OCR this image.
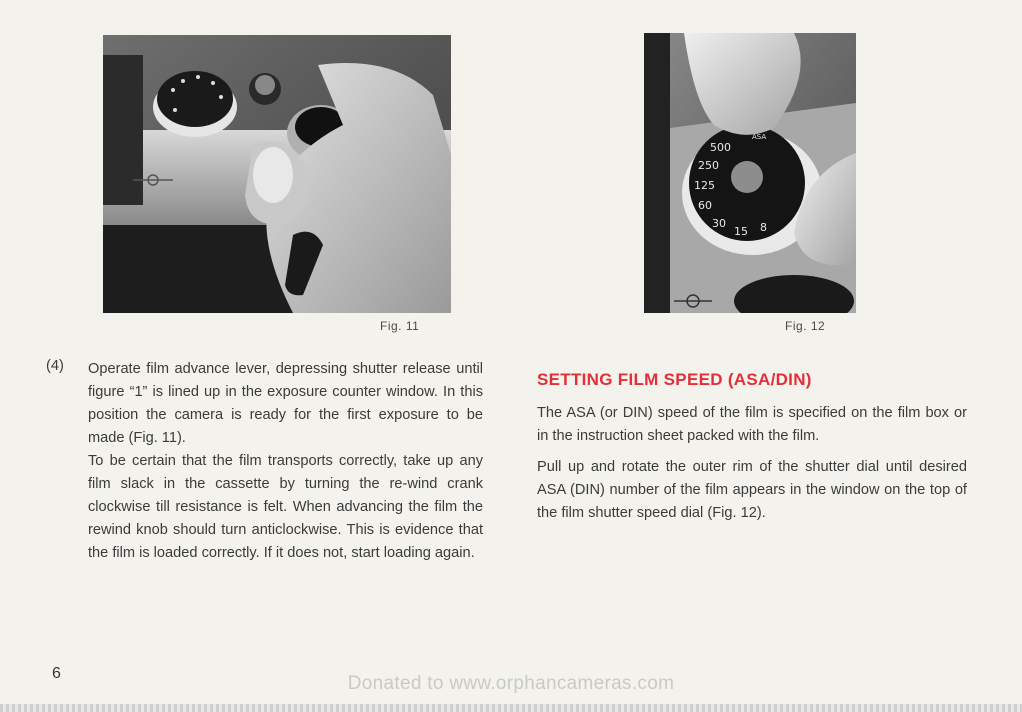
Fig. 11
500
250
125
60
30
15 8
ASA
Fig. 12
(4) Operate film advance lever, depressing shutter release until figure “1” is lined up in the exposure counter window. In this position the camera is ready for the first exposure to be made (Fig. 11).

To be certain that the film transports correctly, take up any film slack in the cassette by turning the re-wind crank clockwise till resistance is felt. When advancing the film the rewind knob should turn anticlockwise. This is evidence that the film is loaded correctly. If it does not, start loading again.

SETTING FILM SPEED (ASA/DIN)

The ASA (or DIN) speed of the film is specified on the film box or in the instruction sheet packed with the film.

Pull up and rotate the outer rim of the shutter dial until desired ASA (DIN) number of the film appears in the window on the top of the film shutter speed dial (Fig. 12).

6	Donated to www.orphancameras.com
